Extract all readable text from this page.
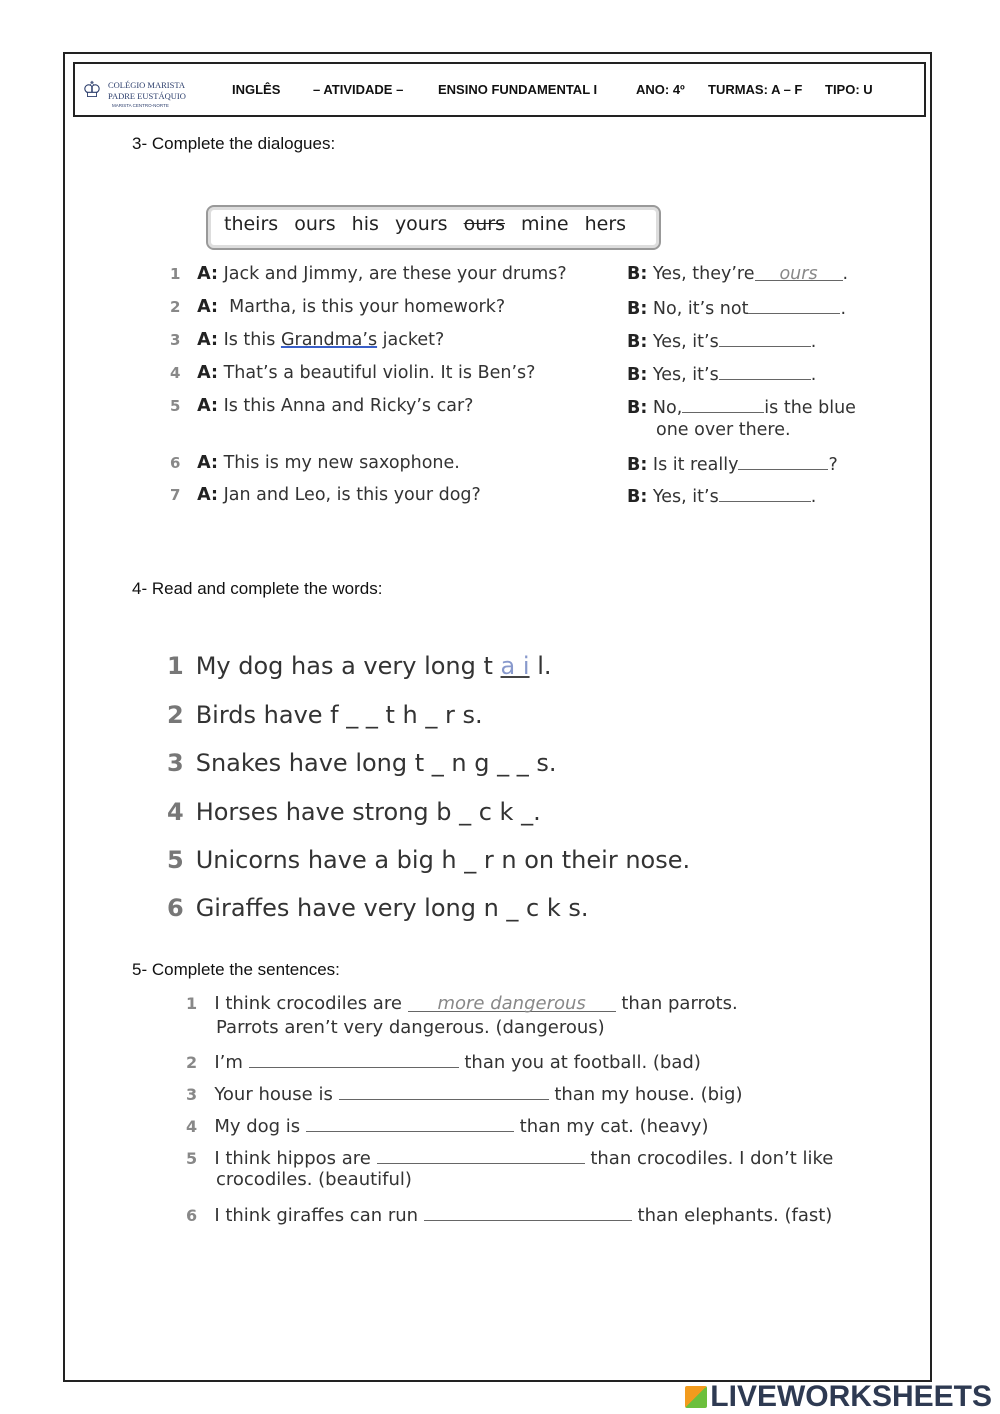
♔ COLÉGIO MARISTA
PADRE EUSTÁQUIO
MARISTA CENTRO-NORTE
INGLÊS	– ATIVIDADE –	ENSINO FUNDAMENTAL I	ANO: 4º TURMAS: A – F TIPO: U
3- Complete the dialogues:
theirs ours his yours ours mine hers
1 A: Jack and Jimmy, are these your drums?	B: Yes, they’re ours .
2 A: Martha, is this your homework?	B: No, it’s not	.
3 A: Is this Grandma’s jacket?	B: Yes, it’s	.
4 A: That’s a beautiful violin. It is Ben’s?	B: Yes, it’s	.
5 A: Is this Anna and Ricky’s car?	B: No,	is the blue
one over there.
6 A: This is my new saxophone.	B: Is it really	?
7 A: Jan and Leo, is this your dog?	B: Yes, it’s	.
4- Read and complete the words:
1 My dog has a very long t a i l.
2 Birds have f _ _ t h _ r s.
3 Snakes have long t _ n g _ _ s.
4 Horses have strong b _ c k _.
5 Unicorns have a big h _ r n on their nose.
6 Giraffes have very long n _ c k s.
5- Complete the sentences:
1 I think crocodiles are more dangerous than parrots.
Parrots aren’t very dangerous. (dangerous)
2 I’m	than you at football. (bad)
3 Your house is	than my house. (big)
4 My dog is	than my cat. (heavy)
5 I think hippos are	than crocodiles. I don’t like
crocodiles. (beautiful)
6 I think giraffes can run	than elephants. (fast)
LIVEWORKSHEETS
